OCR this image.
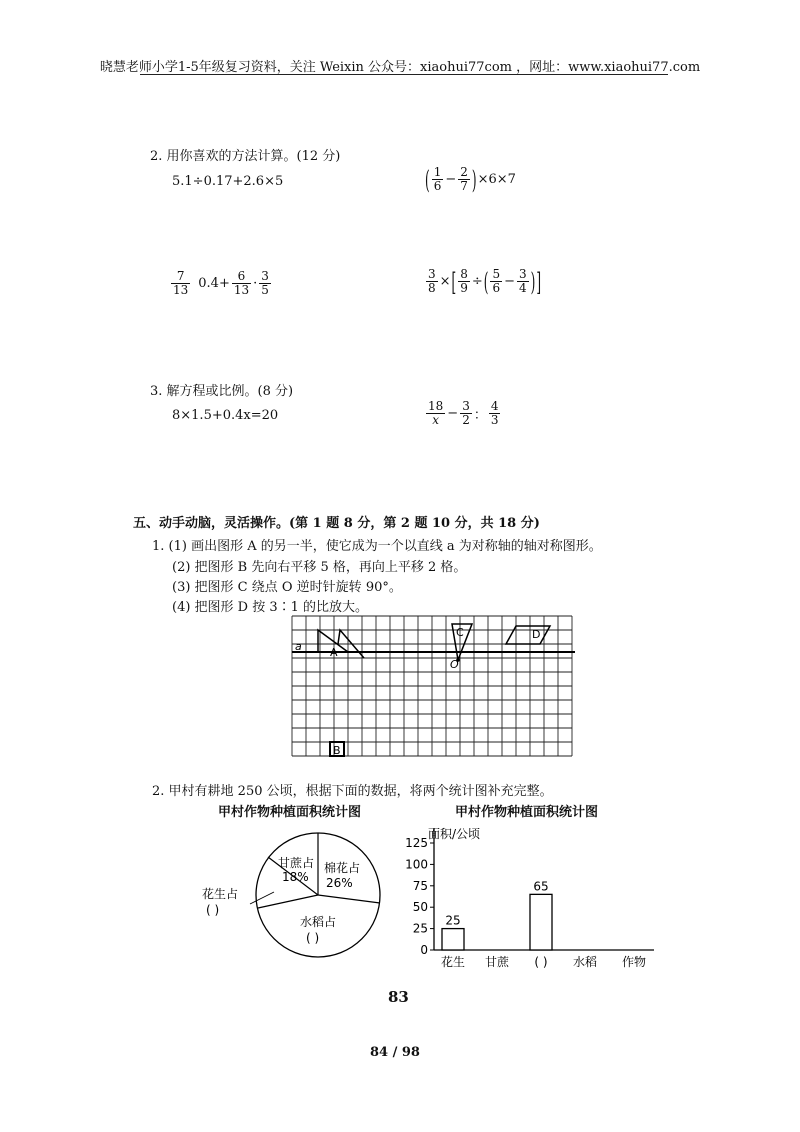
晓慧老师小学1-5年级复习资料，关注 Weixin 公众号：xiaohui77com ，网址：www.xiaohui77.com
2. 用你喜欢的方法计算。(12 分)
5.1÷0.17+2.6×5	( $\frac{1}{6} - \frac{2}{7}$ ) ×6×7
$\frac{7}{13} 0.4+ \frac{6}{13} \cdot \frac{3}{5}$	$\frac{3}{8}$ × [ $\frac{8}{9}$ ÷ ( $\frac{5}{6} - \frac{3}{4}$ ) ]
3. 解方程或比例。(8 分)
8×1.5+0.4x=20	$\frac{18}{x} - \frac{3}{2}$ ： $\frac{4}{3}$
五、动手动脑，灵活操作。(第 1 题 8 分，第 2 题 10 分，共 18 分)
1. (1) 画出图形 A 的另一半，使它成为一个以直线 a 为对称轴的轴对称图形。
(2) 把图形 B 先向右平移 5 格，再向上平移 2 格。
(3) 把图形 C 绕点 O 逆时针旋转 90°。
(4) 把图形 D 按 3∶1 的比放大。
a	A
B
C
O
D
2. 甲村有耕地 250 公顷，根据下面的数据，将两个统计图补充完整。
甲村作物种植面积统计图
甘蔗占
18%
棉花占
26%
花生占
( )
水稻占
( )
甲村作物种植面积统计图
面积/公顷
125
100
75
50
25
0
25
65
花生 甘蔗 ( ) 水稻 作物
83
84 / 98
